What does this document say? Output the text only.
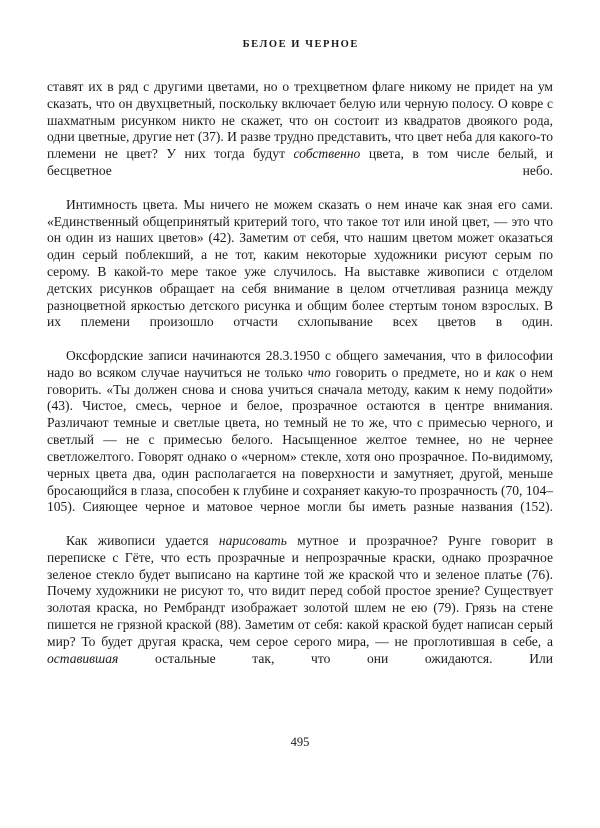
БЕЛОЕ И ЧЕРНОЕ

ставят их в ряд с другими цветами, но о трехцветном флаге никому не придет на ум сказать, что он двухцветный, поскольку включает белую или черную полосу. О ковре с шахматным рисунком никто не скажет, что он состоит из квадратов двоякого рода, одни цветные, другие нет (37). И разве трудно представить, что цвет неба для какого-то племени не цвет? У них тогда будут собственно цвета, в том числе белый, и бесцветное небо.

Интимность цвета. Мы ничего не можем сказать о нем иначе как зная его сами. «Единственный общепринятый критерий того, что такое тот или иной цвет, — это что он один из наших цветов» (42). Заметим от себя, что нашим цветом может оказаться один серый поблекший, а не тот, каким некоторые художники рисуют серым по серому. В какой-то мере такое уже случилось. На выставке живописи с отделом детских рисунков обращает на себя внимание в целом отчетливая разница между разноцветной яркостью детского рисунка и общим более стертым тоном взрослых. В их племени произошло отчасти схлопывание всех цветов в один.

Оксфордские записи начинаются 28.3.1950 с общего замечания, что в философии надо во всяком случае научиться не только что говорить о предмете, но и как о нем говорить. «Ты должен снова и снова учиться сначала методу, каким к нему подойти» (43). Чистое, смесь, черное и белое, прозрачное остаются в центре внимания. Различают темные и светлые цвета, но темный не то же, что с примесью черного, и светлый — не с примесью белого. Насыщенное желтое темнее, но не чернее светложелтого. Говорят однако о «черном» стекле, хотя оно прозрачное. По-видимому, черных цвета два, один располагается на поверхности и замутняет, другой, меньше бросающийся в глаза, способен к глубине и сохраняет какую-то прозрачность (70, 104–105). Сияющее черное и матовое черное могли бы иметь разные названия (152).

Как живописи удается нарисовать мутное и прозрачное? Рунге говорит в переписке с Гёте, что есть прозрачные и непрозрачные краски, однако прозрачное зеленое стекло будет выписано на картине той же краской что и зеленое платье (76). Почему художники не рисуют то, что видит перед собой простое зрение? Существует золотая краска, но Рембрандт изображает золотой шлем не ею (79). Грязь на стене пишется не грязной краской (88). Заметим от себя: какой краской будет написан серый мир? То будет другая краска, чем серое серого мира, — не проглотившая в себе, а оставившая остальные так, что они ожидаются. Или

495
